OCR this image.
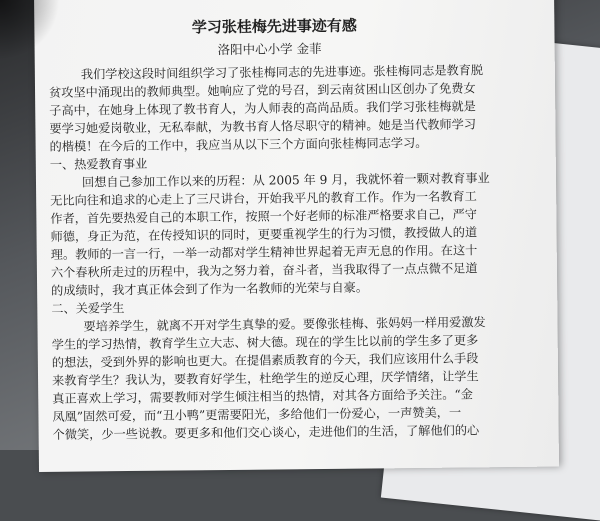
学习张桂梅先进事迹有感
洛阳中心小学 金菲
我们学校这段时间组织学习了张桂梅同志的先进事迹。张桂梅同志是教育脱
贫攻坚中涌现出的教师典型。她响应了党的号召，到云南贫困山区创办了免费女
子高中，在她身上体现了教书育人，为人师表的高尚品质。我们学习张桂梅就是
要学习她爱岗敬业，无私奉献，为教书育人恪尽职守的精神。她是当代教师学习
的楷模！在今后的工作中，我应当从以下三个方面向张桂梅同志学习。
一、热爱教育事业
回想自己参加工作以来的历程：从 2005 年 9 月，我就怀着一颗对教育事业
无比向往和追求的心走上了三尺讲台，开始我平凡的教育工作。作为一名教育工
作者，首先要热爱自己的本职工作，按照一个好老师的标准严格要求自己，严守
师德，身正为范，在传授知识的同时，更要重视学生的行为习惯，教授做人的道
理。教师的一言一行，一举一动都对学生精神世界起着无声无息的作用。在这十
六个春秋所走过的历程中，我为之努力着，奋斗者，当我取得了一点点微不足道
的成绩时，我才真正体会到了作为一名教师的光荣与自豪。
二、关爱学生
要培养学生，就离不开对学生真挚的爱。要像张桂梅、张妈妈一样用爱激发
学生的学习热情，教育学生立大志、树大德。现在的学生比以前的学生多了更多
的想法，受到外界的影响也更大。在提倡素质教育的今天，我们应该用什么手段
来教育学生？我认为，要教育好学生，杜绝学生的逆反心理，厌学情绪，让学生
真正喜欢上学习，需要教师对学生倾注相当的热情，对其各方面给予关注。“金
凤凰”固然可爱，而“丑小鸭”更需要阳光，多给他们一份爱心，一声赞美，一
个微笑，少一些说教。要更多和他们交心谈心，走进他们的生活，了解他们的心
